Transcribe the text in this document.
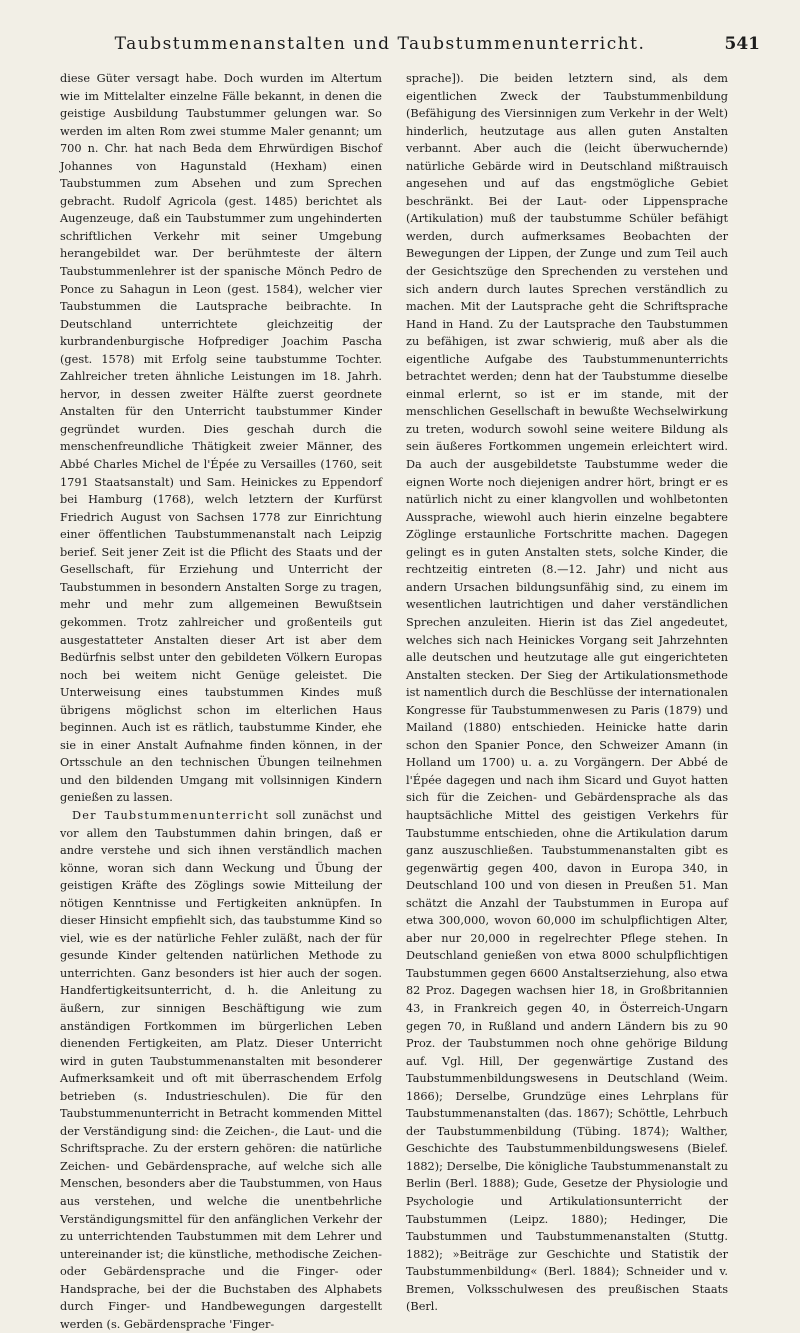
Taubstummenanstalten und Taubstummenunterricht.	541

diese Güter versagt habe. Doch wurden im Altertum wie im Mittelalter einzelne Fälle bekannt, in denen die geistige Ausbildung Taubstummer gelungen war. So werden im alten Rom zwei stumme Maler genannt; um 700 n. Chr. hat nach Beda dem Ehrwürdigen Bischof Johannes von Hagunstald (Hexham) einen Taubstummen zum Absehen und zum Sprechen gebracht. Rudolf Agricola (gest. 1485) berichtet als Augenzeuge, daß ein Taubstummer zum ungehinderten schriftlichen Verkehr mit seiner Umgebung herangebildet war. Der berühmteste der ältern Taubstummenlehrer ist der spanische Mönch Pedro de Ponce zu Sahagun in Leon (gest. 1584), welcher vier Taubstummen die Lautsprache beibrachte. In Deutschland unterrichtete gleichzeitig der kurbrandenburgische Hofprediger Joachim Pascha (gest. 1578) mit Erfolg seine taubstumme Tochter. Zahlreicher treten ähnliche Leistungen im 18. Jahrh. hervor, in dessen zweiter Hälfte zuerst geordnete Anstalten für den Unterricht taubstummer Kinder gegründet wurden. Dies geschah durch die menschenfreundliche Thätigkeit zweier Männer, des Abbé Charles Michel de l'Épée zu Versailles (1760, seit 1791 Staatsanstalt) und Sam. Heinickes zu Eppendorf bei Hamburg (1768), welch letztern der Kurfürst Friedrich August von Sachsen 1778 zur Einrichtung einer öffentlichen Taubstummenanstalt nach Leipzig berief. Seit jener Zeit ist die Pflicht des Staats und der Gesellschaft, für Erziehung und Unterricht der Taubstummen in besondern Anstalten Sorge zu tragen, mehr und mehr zum allgemeinen Bewußtsein gekommen. Trotz zahlreicher und großenteils gut ausgestatteter Anstalten dieser Art ist aber dem Bedürfnis selbst unter den gebildeten Völkern Europas noch bei weitem nicht Genüge geleistet. Die Unterweisung eines taubstummen Kindes muß übrigens möglichst schon im elterlichen Haus beginnen. Auch ist es rätlich, taubstumme Kinder, ehe sie in einer Anstalt Aufnahme finden können, in der Ortsschule an den technischen Übungen teilnehmen und den bildenden Umgang mit vollsinnigen Kindern genießen zu lassen.

Der Taubstummenunterricht soll zunächst und vor allem den Taubstummen dahin bringen, daß er andre verstehe und sich ihnen verständlich machen könne, woran sich dann Weckung und Übung der geistigen Kräfte des Zöglings sowie Mitteilung der nötigen Kenntnisse und Fertigkeiten anknüpfen. In dieser Hinsicht empfiehlt sich, das taubstumme Kind so viel, wie es der natürliche Fehler zuläßt, nach der für gesunde Kinder geltenden natürlichen Methode zu unterrichten. Ganz besonders ist hier auch der sogen. Handfertigkeitsunterricht, d. h. die Anleitung zu äußern, zur sinnigen Beschäftigung wie zum anständigen Fortkommen im bürgerlichen Leben dienenden Fertigkeiten, am Platz. Dieser Unterricht wird in guten Taubstummenanstalten mit besonderer Aufmerksamkeit und oft mit überraschendem Erfolg betrieben (s. Industrieschulen). Die für den Taubstummenunterricht in Betracht kommenden Mittel der Verständigung sind: die Zeichen-, die Laut- und die Schriftsprache. Zu der erstern gehören: die natürliche Zeichen- und Gebärdensprache, auf welche sich alle Menschen, besonders aber die Taubstummen, von Haus aus verstehen, und welche die unentbehrliche Verständigungsmittel für den anfänglichen Verkehr der zu unterrichtenden Taubstummen mit dem Lehrer und untereinander ist; die künstliche, methodische Zeichen- oder Gebärdensprache und die Finger- oder Handsprache, bei der die Buchstaben des Alphabets durch Finger- und Handbewegungen dargestellt werden (s. Gebärdensprache 'Finger-

sprache]). Die beiden letztern sind, als dem eigentlichen Zweck der Taubstummenbildung (Befähigung des Viersinnigen zum Verkehr in der Welt) hinderlich, heutzutage aus allen guten Anstalten verbannt. Aber auch die (leicht überwuchernde) natürliche Gebärde wird in Deutschland mißtrauisch angesehen und auf das engstmögliche Gebiet beschränkt. Bei der Laut- oder Lippensprache (Artikulation) muß der taubstumme Schüler befähigt werden, durch aufmerksames Beobachten der Bewegungen der Lippen, der Zunge und zum Teil auch der Gesichtszüge den Sprechenden zu verstehen und sich andern durch lautes Sprechen verständlich zu machen. Mit der Lautsprache geht die Schriftsprache Hand in Hand. Zu der Lautsprache den Taubstummen zu befähigen, ist zwar schwierig, muß aber als die eigentliche Aufgabe des Taubstummenunterrichts betrachtet werden; denn hat der Taubstumme dieselbe einmal erlernt, so ist er im stande, mit der menschlichen Gesellschaft in bewußte Wechselwirkung zu treten, wodurch sowohl seine weitere Bildung als sein äußeres Fortkommen ungemein erleichtert wird. Da auch der ausgebildetste Taubstumme weder die eignen Worte noch diejenigen andrer hört, bringt er es natürlich nicht zu einer klangvollen und wohlbetonten Aussprache, wiewohl auch hierin einzelne begabtere Zöglinge erstaunliche Fortschritte machen. Dagegen gelingt es in guten Anstalten stets, solche Kinder, die rechtzeitig eintreten (8.—12. Jahr) und nicht aus andern Ursachen bildungsunfähig sind, zu einem im wesentlichen lautrichtigen und daher verständlichen Sprechen anzuleiten. Hierin ist das Ziel angedeutet, welches sich nach Heinickes Vorgang seit Jahrzehnten alle deutschen und heutzutage alle gut eingerichteten Anstalten stecken. Der Sieg der Artikulationsmethode ist namentlich durch die Beschlüsse der internationalen Kongresse für Taubstummenwesen zu Paris (1879) und Mailand (1880) entschieden. Heinicke hatte darin schon den Spanier Ponce, den Schweizer Amann (in Holland um 1700) u. a. zu Vorgängern. Der Abbé de l'Épée dagegen und nach ihm Sicard und Guyot hatten sich für die Zeichen- und Gebärdensprache als das hauptsächliche Mittel des geistigen Verkehrs für Taubstumme entschieden, ohne die Artikulation darum ganz auszuschließen. Taubstummenanstalten gibt es gegenwärtig gegen 400, davon in Europa 340, in Deutschland 100 und von diesen in Preußen 51. Man schätzt die Anzahl der Taubstummen in Europa auf etwa 300,000, wovon 60,000 im schulpflichtigen Alter, aber nur 20,000 in regelrechter Pflege stehen. In Deutschland genießen von etwa 8000 schulpflichtigen Taubstummen gegen 6600 Anstaltserziehung, also etwa 82 Proz. Dagegen wachsen hier 18, in Großbritannien 43, in Frankreich gegen 40, in Österreich-Ungarn gegen 70, in Rußland und andern Ländern bis zu 90 Proz. der Taubstummen noch ohne gehörige Bildung auf. Vgl. Hill, Der gegenwärtige Zustand des Taubstummenbildungswesens in Deutschland (Weim. 1866); Derselbe, Grundzüge eines Lehrplans für Taubstummenanstalten (das. 1867); Schöttle, Lehrbuch der Taubstummenbildung (Tübing. 1874); Walther, Geschichte des Taubstummenbildungswesens (Bielef. 1882); Derselbe, Die königliche Taubstummenanstalt zu Berlin (Berl. 1888); Gude, Gesetze der Physiologie und Psychologie und Artikulationsunterricht der Taubstummen (Leipz. 1880); Hedinger, Die Taubstummen und Taubstummenanstalten (Stuttg. 1882); »Beiträge zur Geschichte und Statistik der Taubstummenbildung« (Berl. 1884); Schneider und v. Bremen, Volksschulwesen des preußischen Staats (Berl.
